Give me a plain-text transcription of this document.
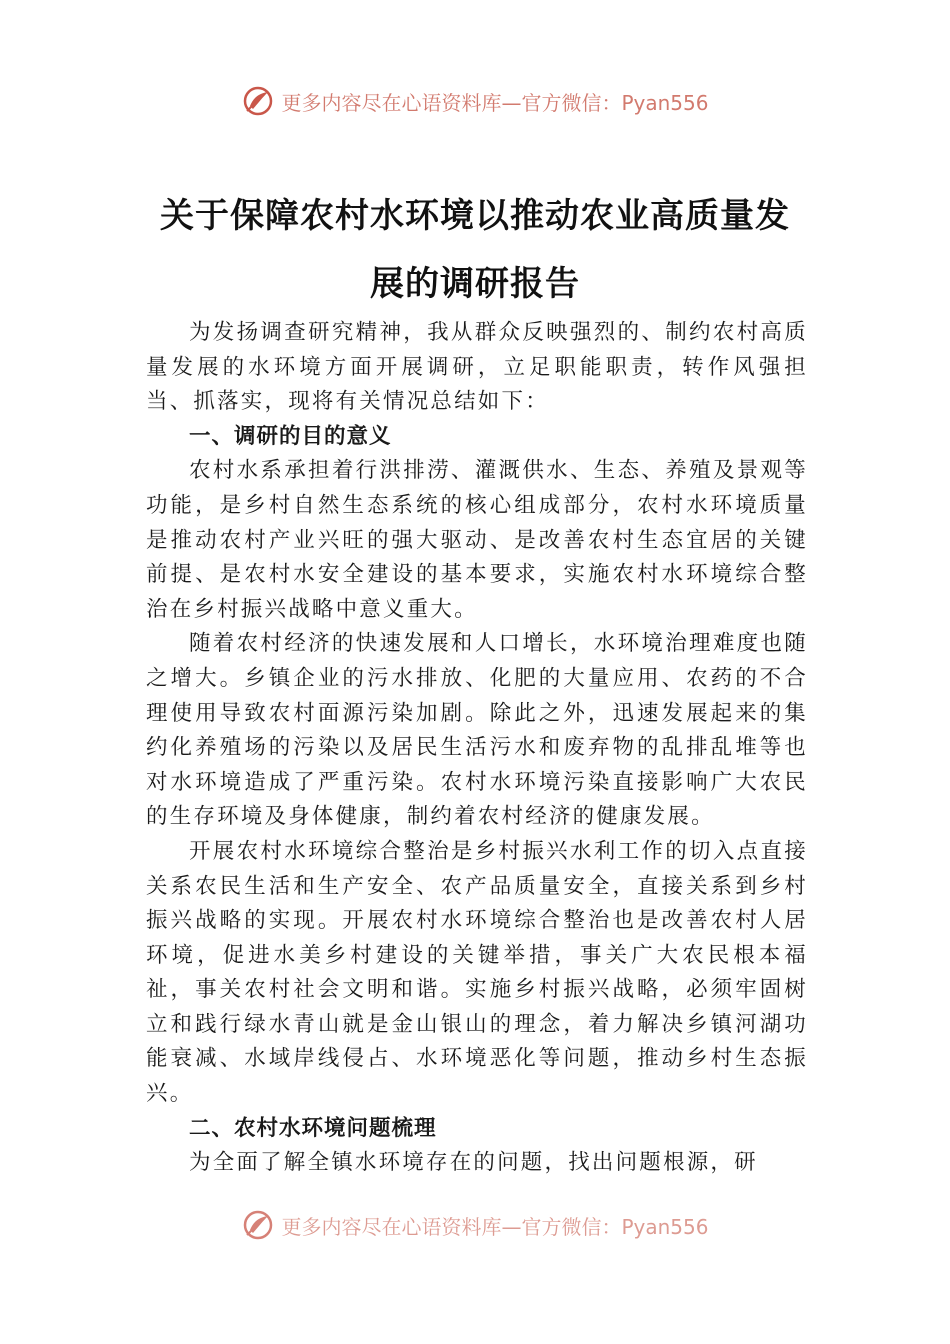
更多内容尽在心语资料库—官方微信：Pyan556
关于保障农村水环境以推动农业高质量发
展的调研报告

为发扬调查研究精神，我从群众反映强烈的、制约农村高质量发展的水环境方面开展调研，立足职能职责，转作风强担当、抓落实，现将有关情况总结如下：

一、调研的目的意义

农村水系承担着行洪排涝、灌溉供水、生态、养殖及景观等功能，是乡村自然生态系统的核心组成部分，农村水环境质量是推动农村产业兴旺的强大驱动、是改善农村生态宜居的关键前提、是农村水安全建设的基本要求，实施农村水环境综合整治在乡村振兴战略中意义重大。

随着农村经济的快速发展和人口增长，水环境治理难度也随之增大。乡镇企业的污水排放、化肥的大量应用、农药的不合理使用导致农村面源污染加剧。除此之外，迅速发展起来的集约化养殖场的污染以及居民生活污水和废弃物的乱排乱堆等也对水环境造成了严重污染。农村水环境污染直接影响广大农民的生存环境及身体健康，制约着农村经济的健康发展。

开展农村水环境综合整治是乡村振兴水利工作的切入点直接关系农民生活和生产安全、农产品质量安全，直接关系到乡村振兴战略的实现。开展农村水环境综合整治也是改善农村人居环境，促进水美乡村建设的关键举措，事关广大农民根本福祉，事关农村社会文明和谐。实施乡村振兴战略，必须牢固树立和践行绿水青山就是金山银山的理念，着力解决乡镇河湖功能衰减、水域岸线侵占、水环境恶化等问题，推动乡村生态振兴。

二、农村水环境问题梳理

为全面了解全镇水环境存在的问题，找出问题根源，研

更多内容尽在心语资料库—官方微信：Pyan556
